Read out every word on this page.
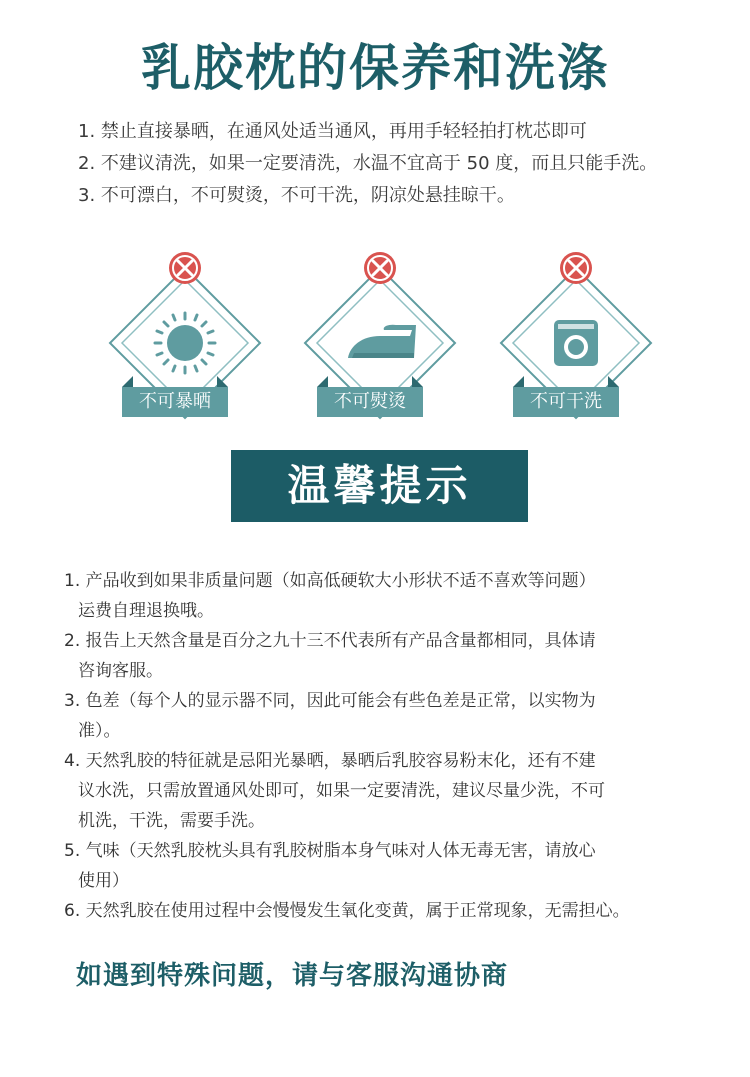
乳胶枕的保养和洗涤
1. 禁止直接暴晒，在通风处适当通风，再用手轻轻拍打枕芯即可
2. 不建议清洗，如果一定要清洗，水温不宜高于 50 度，而且只能手洗。
3. 不可漂白，不可熨烫，不可干洗，阴凉处悬挂晾干。
不可暴晒	不可熨烫	不可干洗
温馨提示
1. 产品收到如果非质量问题（如高低硬软大小形状不适不喜欢等问题）
运费自理退换哦。
2. 报告上天然含量是百分之九十三不代表所有产品含量都相同，具体请
咨询客服。
3. 色差（每个人的显示器不同，因此可能会有些色差是正常，以实物为
准）。
4. 天然乳胶的特征就是忌阳光暴晒，暴晒后乳胶容易粉末化，还有不建
议水洗，只需放置通风处即可，如果一定要清洗，建议尽量少洗，不可
机洗，干洗，需要手洗。
5. 气味（天然乳胶枕头具有乳胶树脂本身气味对人体无毒无害，请放心
使用）
6. 天然乳胶在使用过程中会慢慢发生氧化变黄，属于正常现象，无需担心。
如遇到特殊问题，请与客服沟通协商
